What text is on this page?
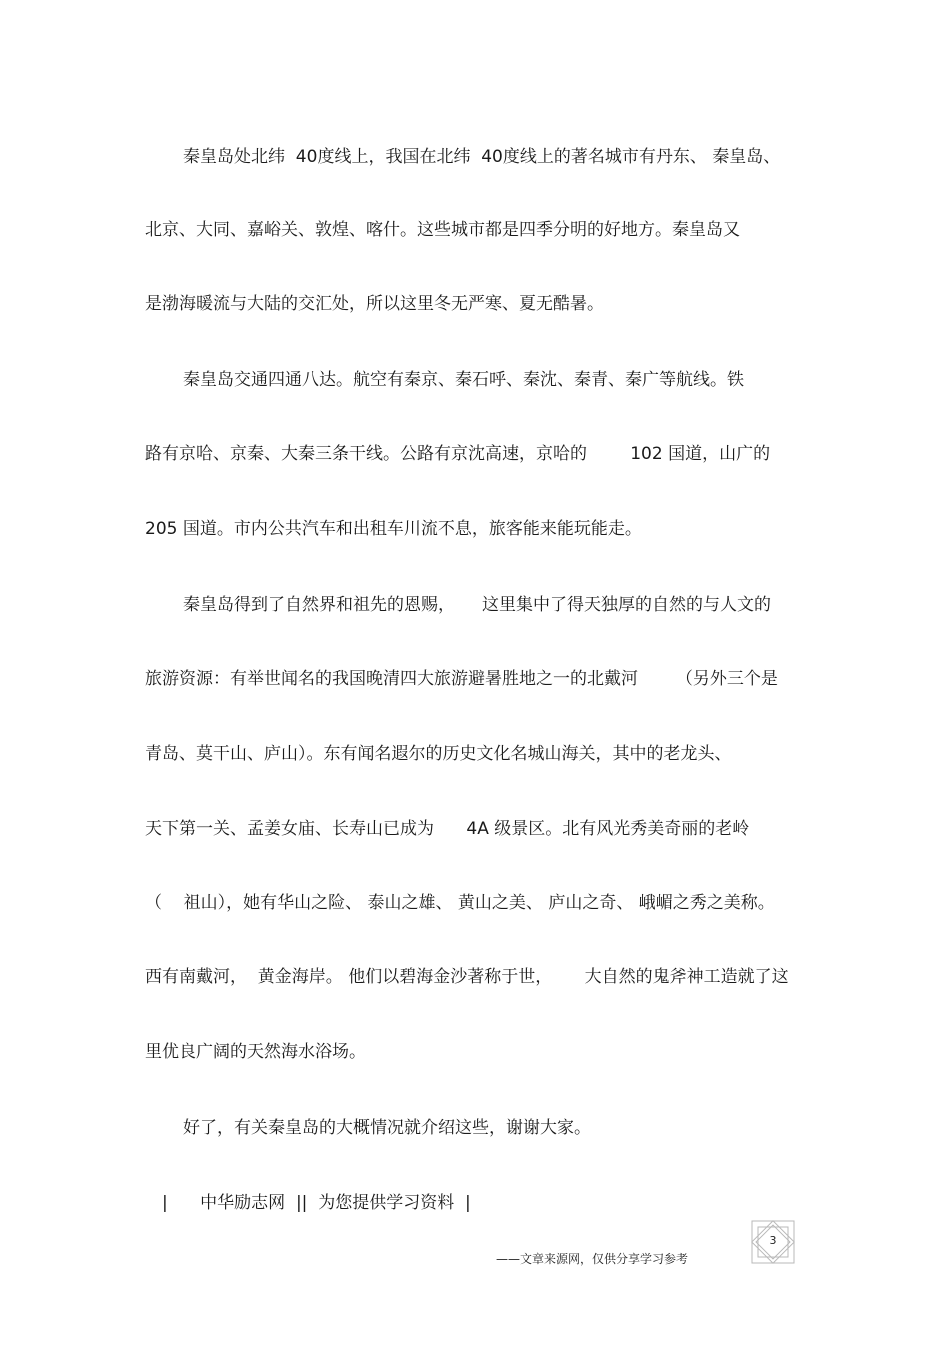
秦皇岛处北纬  40度线上，我国在北纬  40度线上的著名城市有丹东、 秦皇岛、

北京、大同、嘉峪关、敦煌、喀什。这些城市都是四季分明的好地方。秦皇岛又

是渤海暖流与大陆的交汇处，所以这里冬无严寒、夏无酷暑。

秦皇岛交通四通八达。航空有秦京、秦石呼、秦沈、秦青、秦广等航线。铁

路有京哈、京秦、大秦三条干线。公路有京沈高速，京哈的        102 国道，山广的

205 国道。市内公共汽车和出租车川流不息，旅客能来能玩能走。

秦皇岛得到了自然界和祖先的恩赐，     这里集中了得天独厚的自然的与人文的

旅游资源：有举世闻名的我国晚清四大旅游避暑胜地之一的北戴河       （另外三个是

青岛、莫干山、庐山）。东有闻名遐尔的历史文化名城山海关，其中的老龙头、

天下第一关、孟姜女庙、长寿山已成为      4A 级景区。北有风光秀美奇丽的老岭

（    祖山），她有华山之险、 泰山之雄、 黄山之美、 庐山之奇、 峨嵋之秀之美称。

西有南戴河，  黄金海岸。 他们以碧海金沙著称于世，      大自然的鬼斧神工造就了这

里优良广阔的天然海水浴场。

好了，有关秦皇岛的大概情况就介绍这些，谢谢大家。

|      中华励志网  ||  为您提供学习资料  |
——文章来源网，仅供分享学习参考
3
